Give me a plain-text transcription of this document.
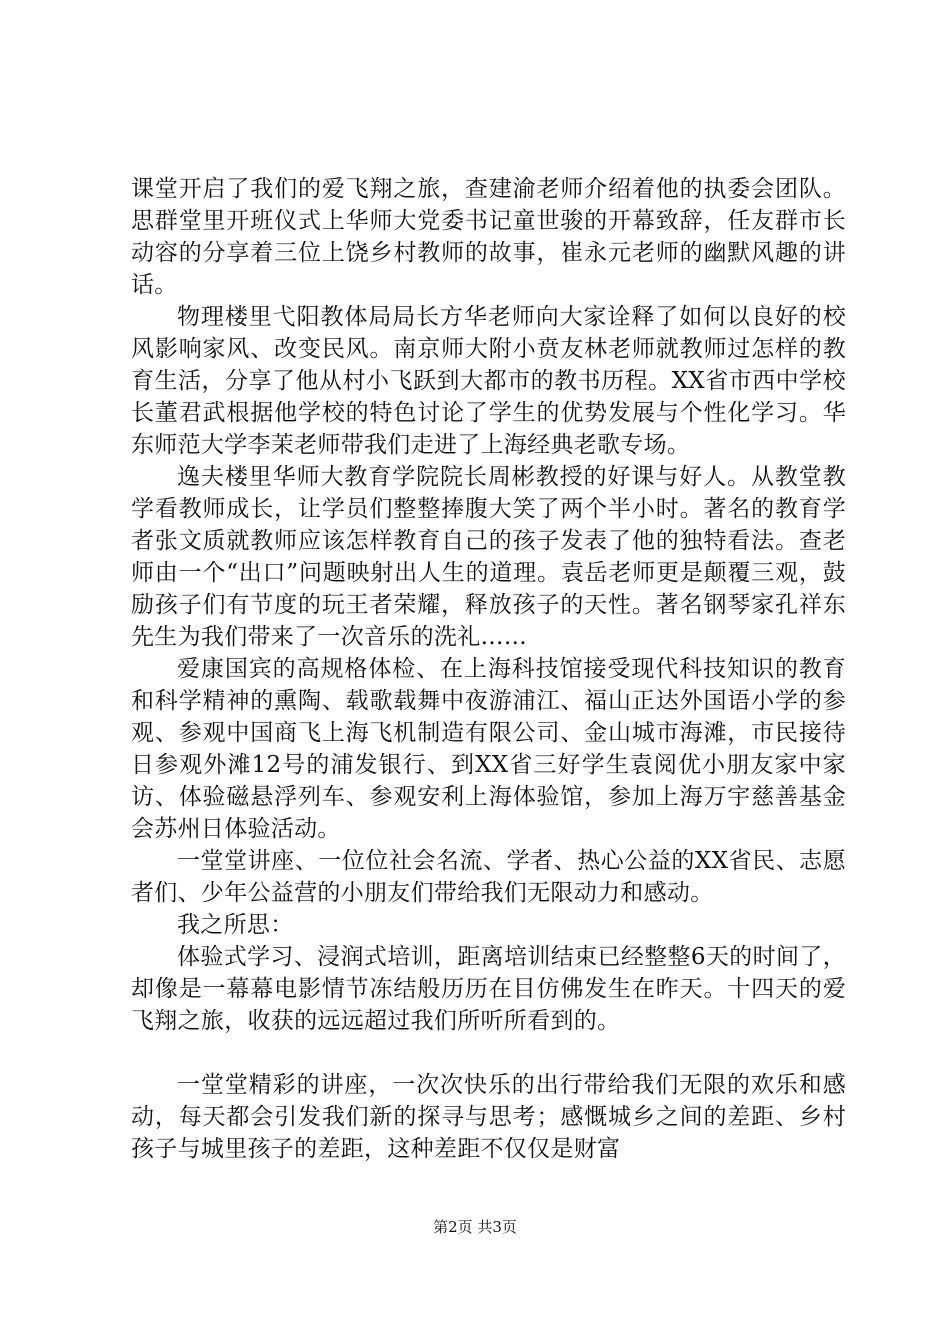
课堂开启了我们的爱飞翔之旅，查建渝老师介绍着他的执委会团队。思群堂里开班仪式上华师大党委书记童世骏的开幕致辞，任友群市长动容的分享着三位上饶乡村教师的故事，崔永元老师的幽默风趣的讲话。

物理楼里弋阳教体局局长方华老师向大家诠释了如何以良好的校风影响家风、改变民风。南京师大附小贲友林老师就教师过怎样的教育生活，分享了他从村小飞跃到大都市的教书历程。XX省市西中学校长董君武根据他学校的特色讨论了学生的优势发展与个性化学习。华东师范大学李茉老师带我们走进了上海经典老歌专场。

逸夫楼里华师大教育学院院长周彬教授的好课与好人。从教堂教学看教师成长，让学员们整整捧腹大笑了两个半小时。著名的教育学者张文质就教师应该怎样教育自己的孩子发表了他的独特看法。查老师由一个“出口”问题映射出人生的道理。袁岳老师更是颠覆三观，鼓励孩子们有节度的玩王者荣耀，释放孩子的天性。著名钢琴家孔祥东先生为我们带来了一次音乐的洗礼……

爱康国宾的高规格体检、在上海科技馆接受现代科技知识的教育和科学精神的熏陶、载歌载舞中夜游浦江、福山正达外国语小学的参观、参观中国商飞上海飞机制造有限公司、金山城市海滩，市民接待日参观外滩12号的浦发银行、到XX省三好学生袁阅优小朋友家中家访、体验磁悬浮列车、参观安利上海体验馆，参加上海万宇慈善基金会苏州日体验活动。

一堂堂讲座、一位位社会名流、学者、热心公益的XX省民、志愿者们、少年公益营的小朋友们带给我们无限动力和感动。

我之所思：

体验式学习、浸润式培训，距离培训结束已经整整6天的时间了，却像是一幕幕电影情节冻结般历历在目仿佛发生在昨天。十四天的爱飞翔之旅，收获的远远超过我们所听所看到的。

一堂堂精彩的讲座，一次次快乐的出行带给我们无限的欢乐和感动，每天都会引发我们新的探寻与思考；感慨城乡之间的差距、乡村孩子与城里孩子的差距，这种差距不仅仅是财富

第2页 共3页
